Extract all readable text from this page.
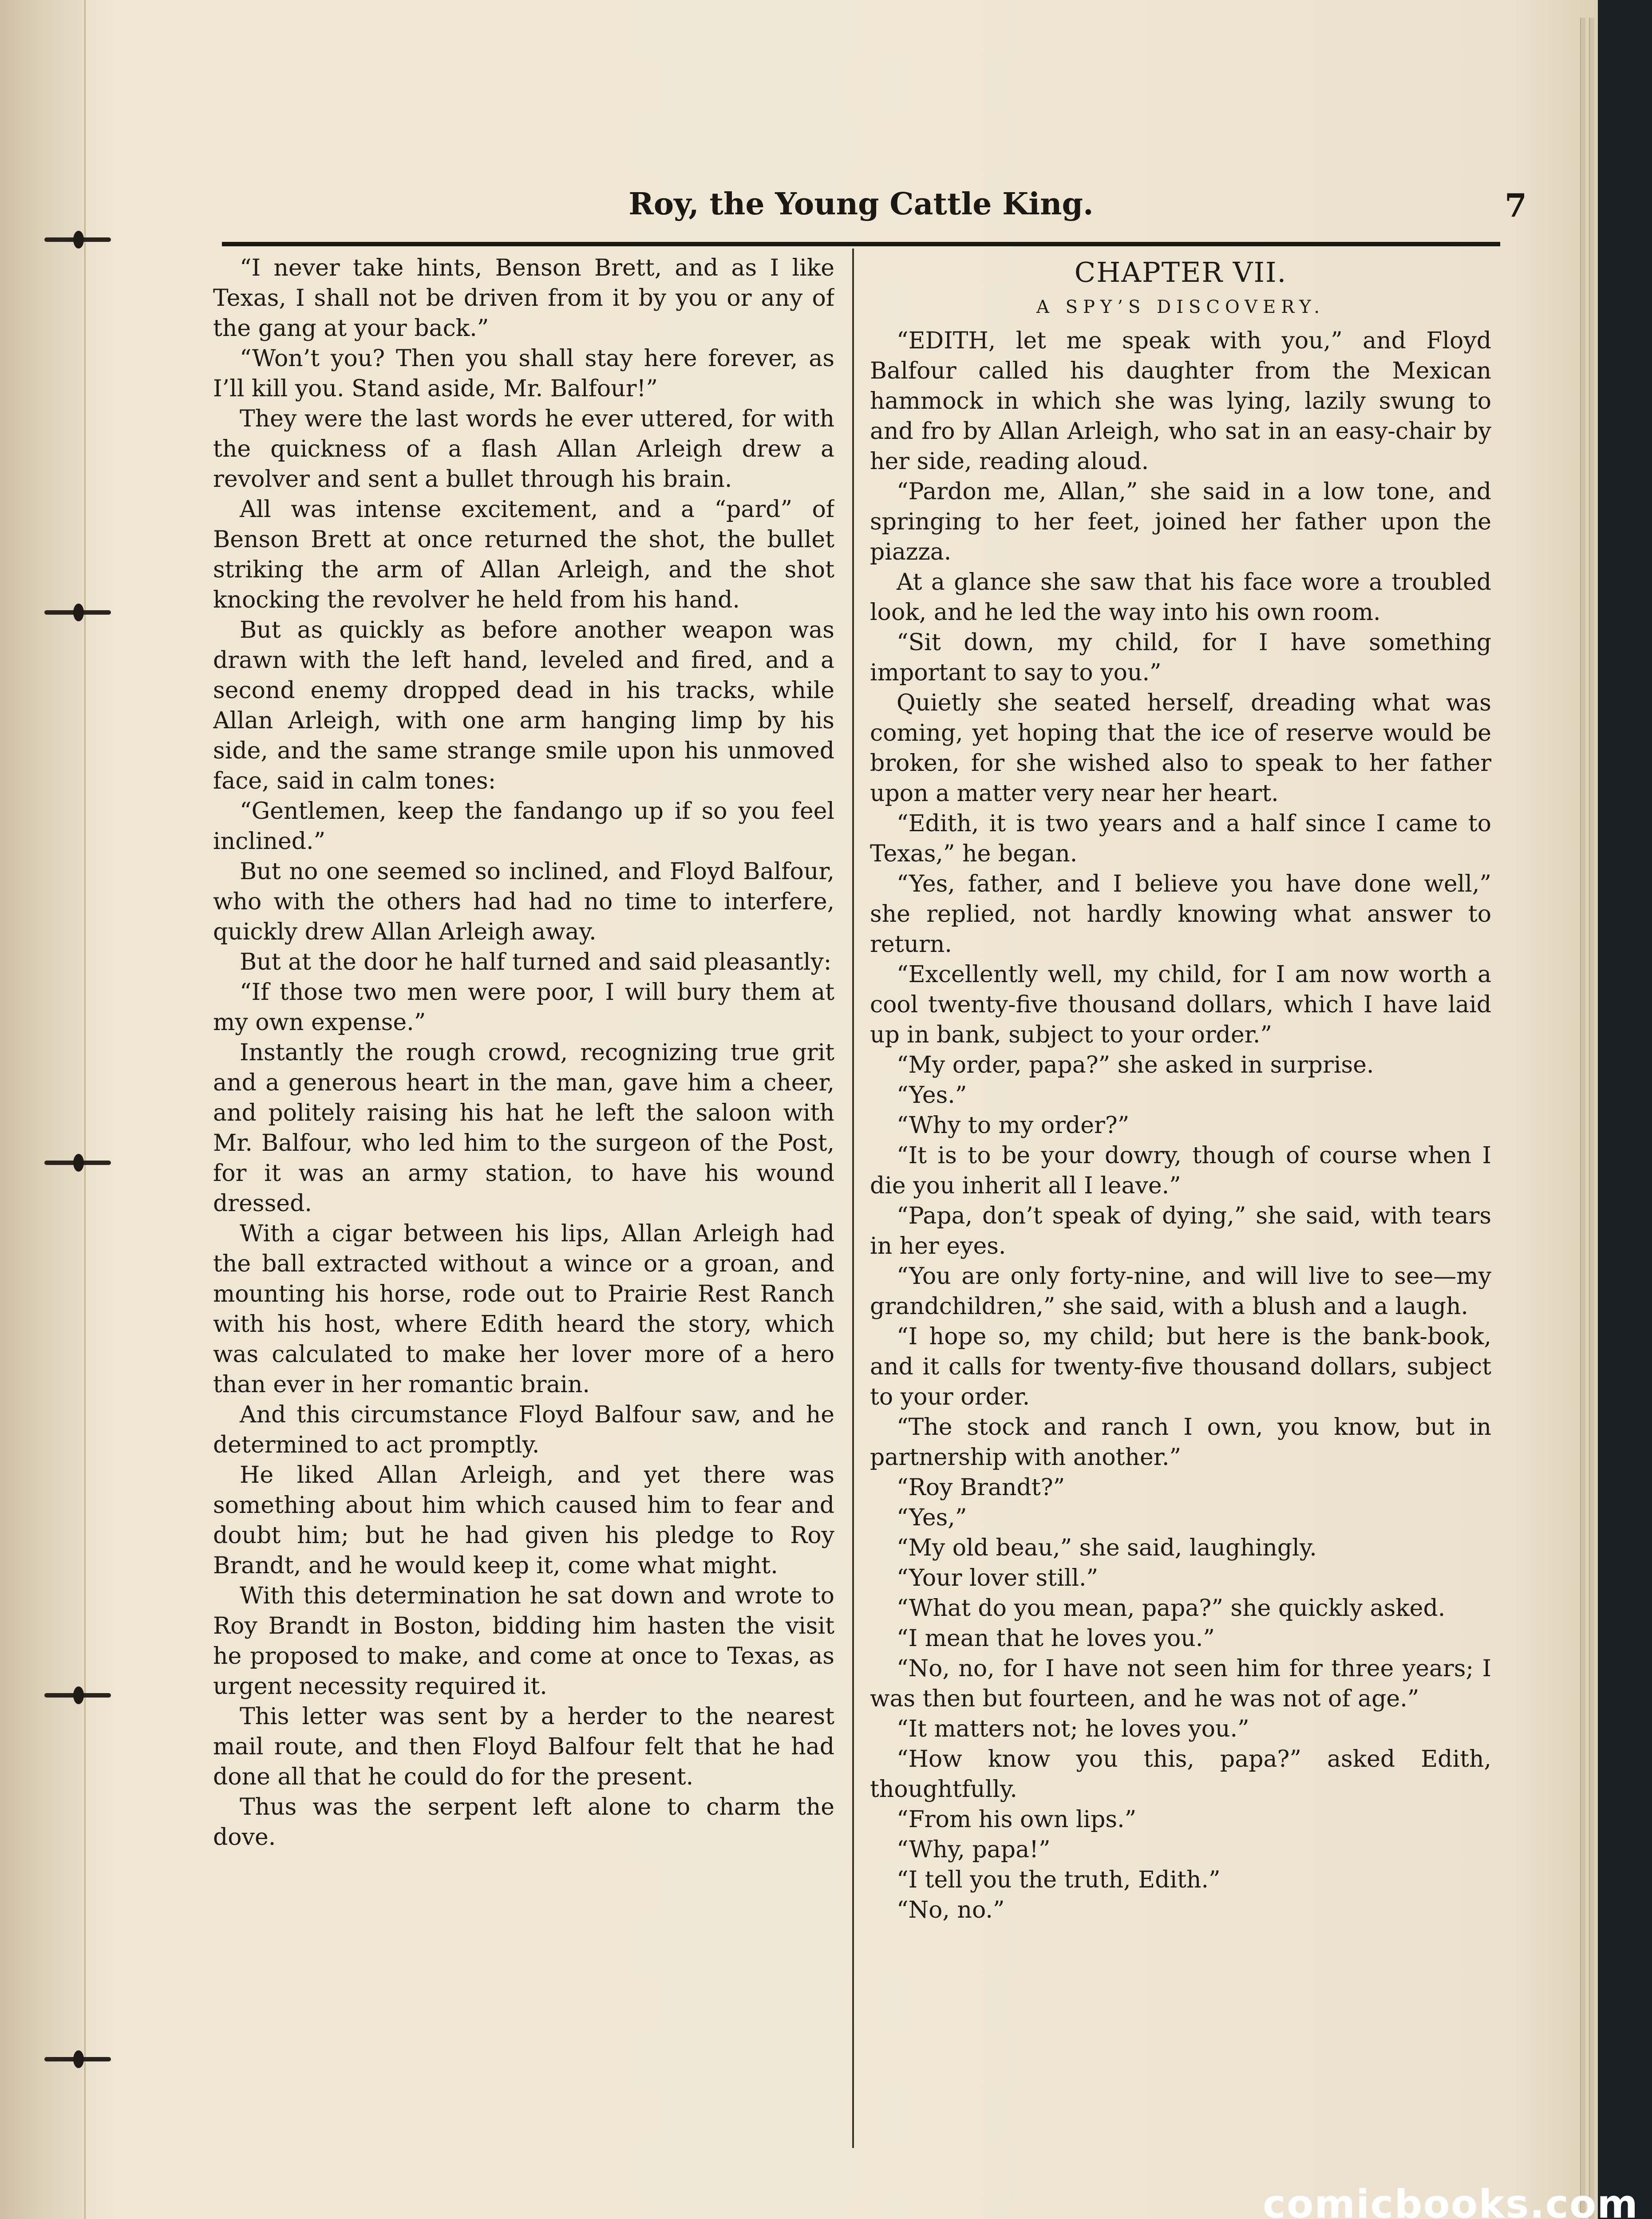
Roy, the Young Cattle King.	7

“I never take hints, Benson Brett, and as I like Texas, I shall not be driven from it by you or any of the gang at your back.”

“Won’t you? Then you shall stay here forever, as I’ll kill you. Stand aside, Mr. Balfour!”

They were the last words he ever uttered, for with the quickness of a flash Allan Arleigh drew a revolver and sent a bullet through his brain.

All was intense excitement, and a “pard” of Benson Brett at once returned the shot, the bullet striking the arm of Allan Arleigh, and the shot knocking the revolver he held from his hand.

But as quickly as before another weapon was drawn with the left hand, leveled and fired, and a second enemy dropped dead in his tracks, while Allan Arleigh, with one arm hanging limp by his side, and the same strange smile upon his unmoved face, said in calm tones:

“Gentlemen, keep the fandango up if so you feel inclined.”

But no one seemed so inclined, and Floyd Balfour, who with the others had had no time to interfere, quickly drew Allan Arleigh away.

But at the door he half turned and said pleasantly:

“If those two men were poor, I will bury them at my own expense.”

Instantly the rough crowd, recognizing true grit and a generous heart in the man, gave him a cheer, and politely raising his hat he left the saloon with Mr. Balfour, who led him to the surgeon of the Post, for it was an army station, to have his wound dressed.

With a cigar between his lips, Allan Arleigh had the ball extracted without a wince or a groan, and mounting his horse, rode out to Prairie Rest Ranch with his host, where Edith heard the story, which was calculated to make her lover more of a hero than ever in her romantic brain.

And this circumstance Floyd Balfour saw, and he determined to act promptly.

He liked Allan Arleigh, and yet there was something about him which caused him to fear and doubt him; but he had given his pledge to Roy Brandt, and he would keep it, come what might.

With this determination he sat down and wrote to Roy Brandt in Boston, bidding him hasten the visit he proposed to make, and come at once to Texas, as urgent necessity required it.

This letter was sent by a herder to the nearest mail route, and then Floyd Balfour felt that he had done all that he could do for the present.

Thus was the serpent left alone to charm the dove.

CHAPTER VII.
A SPY’S DISCOVERY.

“EDITH, let me speak with you,” and Floyd Balfour called his daughter from the Mexican hammock in which she was lying, lazily swung to and fro by Allan Arleigh, who sat in an easy-chair by her side, reading aloud.

“Pardon me, Allan,” she said in a low tone, and springing to her feet, joined her father upon the piazza.

At a glance she saw that his face wore a troubled look, and he led the way into his own room.

“Sit down, my child, for I have something important to say to you.”

Quietly she seated herself, dreading what was coming, yet hoping that the ice of reserve would be broken, for she wished also to speak to her father upon a matter very near her heart.

“Edith, it is two years and a half since I came to Texas,” he began.

“Yes, father, and I believe you have done well,” she replied, not hardly knowing what answer to return.

“Excellently well, my child, for I am now worth a cool twenty-five thousand dollars, which I have laid up in bank, subject to your order.”

“My order, papa?” she asked in surprise.

“Yes.”

“Why to my order?”

“It is to be your dowry, though of course when I die you inherit all I leave.”

“Papa, don’t speak of dying,” she said, with tears in her eyes.

“You are only forty-nine, and will live to see—my grandchildren,” she said, with a blush and a laugh.

“I hope so, my child; but here is the bank-book, and it calls for twenty-five thousand dollars, subject to your order.

“The stock and ranch I own, you know, but in partnership with another.”

“Roy Brandt?”

“Yes,”

“My old beau,” she said, laughingly.

“Your lover still.”

“What do you mean, papa?” she quickly asked.

“I mean that he loves you.”

“No, no, for I have not seen him for three years; I was then but fourteen, and he was not of age.”

“It matters not; he loves you.”

“How know you this, papa?” asked Edith, thoughtfully.

“From his own lips.”

“Why, papa!”

“I tell you the truth, Edith.”

“No, no.”

comicbooks.com
